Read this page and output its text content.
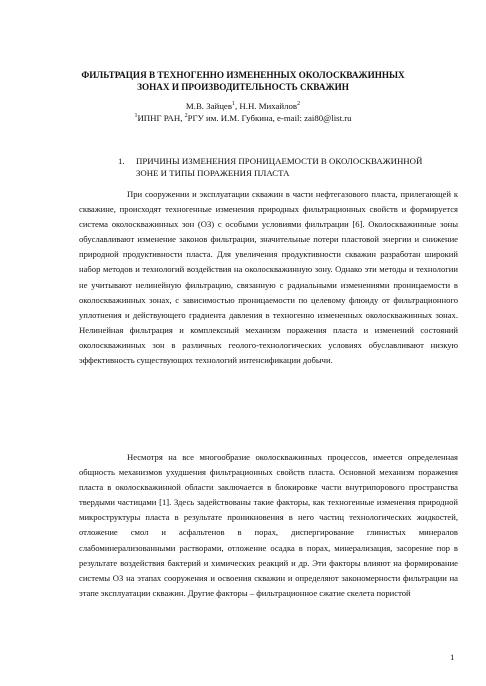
ФИЛЬТРАЦИЯ В ТЕХНОГЕННО ИЗМЕНЕННЫХ ОКОЛОСКВАЖИННЫХ
ЗОНАХ И ПРОИЗВОДИТЕЛЬНОСТЬ СКВАЖИН
М.В. Зайцев$^1$, Н.Н. Михайлов$^2$
$^1$ИПНГ РАН, $^2$РГУ им. И.М. Губкина, e-mail: zai80@list.ru
1. ПРИЧИНЫ ИЗМЕНЕНИЯ ПРОНИЦАЕМОСТИ В ОКОЛОСКВАЖИННОЙ
ЗОНЕ И ТИПЫ ПОРАЖЕНИЯ ПЛАСТА
При сооружении и эксплуатации скважин в части нефтегазового пласта, прилегающей к скважине, происходят техногенные изменения природных фильтрационных свойств и формируется система околоскважинных зон (ОЗ) с особыми условиями фильтрации [6]. Околоскважинные зоны обуславливают изменение законов фильтрации, значительные потери пластовой энергии и снижение природной продуктивности пласта. Для увеличения продуктивности скважин разработан широкий набор методов и технологий воздействия на околоскважинную зону. Однако эти методы и технологии не учитывают нелинейную фильтрацию, связанную с радиальными изменениями проницаемости в околоскважинных зонах, с зависимостью проницаемости по целевому флюиду от фильтрационного уплотнения и действующего градиента давления в техногенно измененных околоскважинных зонах. Нелинейная фильтрация и комплексный механизм поражения пласта и изменений состояний околоскважинных зон в различных геолого-технологических условиях обуславливают низкую эффективность существующих технологий интенсификации добычи.
Несмотря на все многообразие околоскважинных процессов, имеется определенная общность механизмов ухудшения фильтрационных свойств пласта. Основной механизм поражения пласта в околоскважинной области заключается в блокировке части внутрипорового пространства твердыми частицами [1]. Здесь задействованы такие факторы, как техногенные изменения природной микроструктуры пласта в результате проникновения в него частиц технологических жидкостей, отложение смол и асфальтенов в порах, диспергирование глинистых минералов слабоминерализованными растворами, отложение осадка в порах, минерализация, засорение пор в результате воздействия бактерий и химических реакций и др. Эти факторы влияют на формирование системы ОЗ на этапах сооружения и освоения скважин и определяют закономерности фильтрации на этапе эксплуатации скважин. Другие факторы – фильтрационное сжатие скелета пористой
1
